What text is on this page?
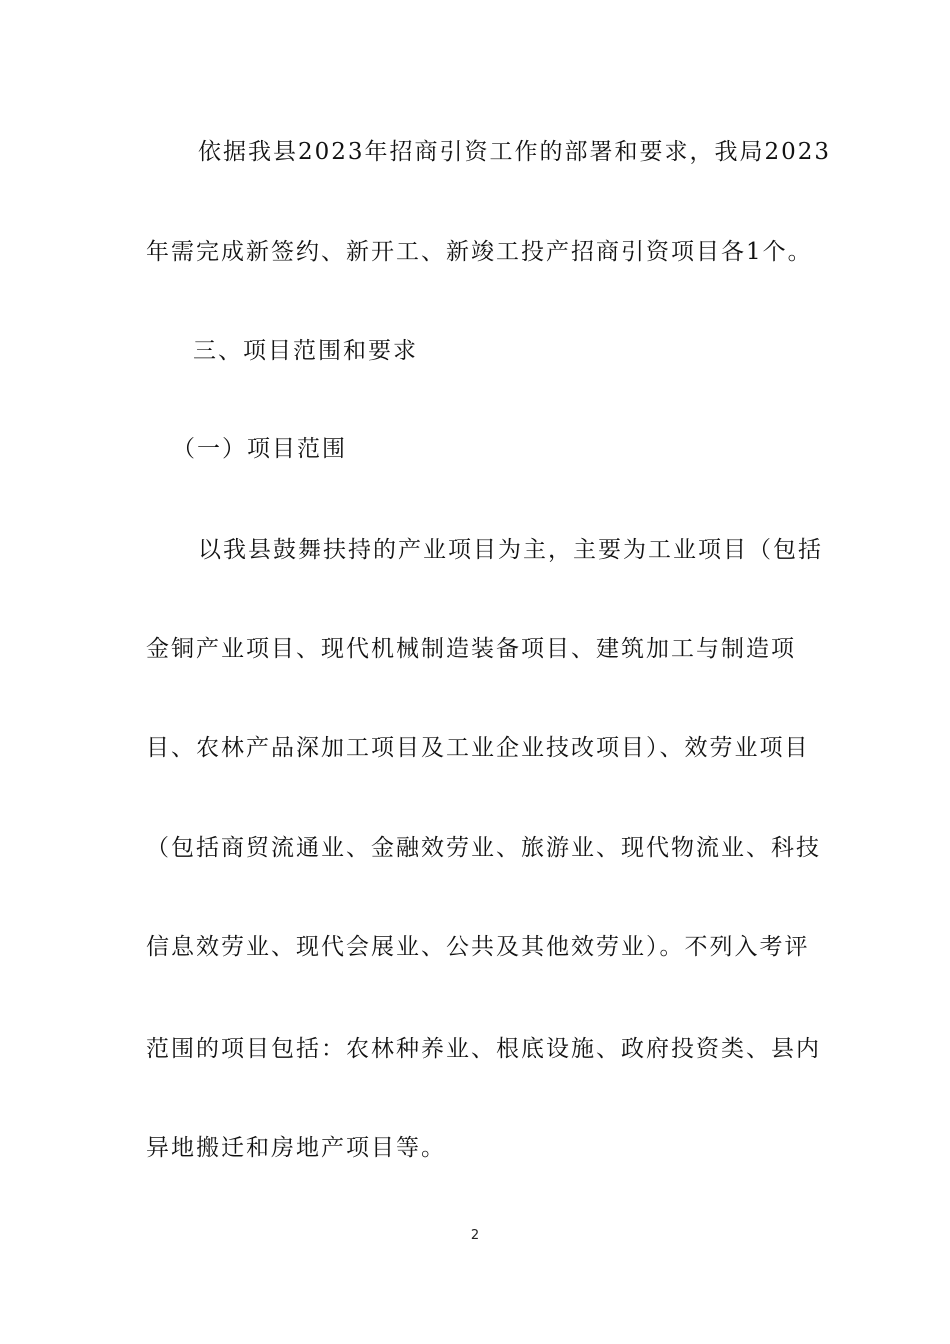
依据我县2023年招商引资工作的部署和要求，我局2023
年需完成新签约、新开工、新竣工投产招商引资项目各1个。
三、项目范围和要求
（一）项目范围
以我县鼓舞扶持的产业项目为主，主要为工业项目（包括
金铜产业项目、现代机械制造装备项目、建筑加工与制造项
目、农林产品深加工项目及工业企业技改项目）、效劳业项目
（包括商贸流通业、金融效劳业、旅游业、现代物流业、科技
信息效劳业、现代会展业、公共及其他效劳业）。不列入考评
范围的项目包括：农林种养业、根底设施、政府投资类、县内
异地搬迁和房地产项目等。
2
